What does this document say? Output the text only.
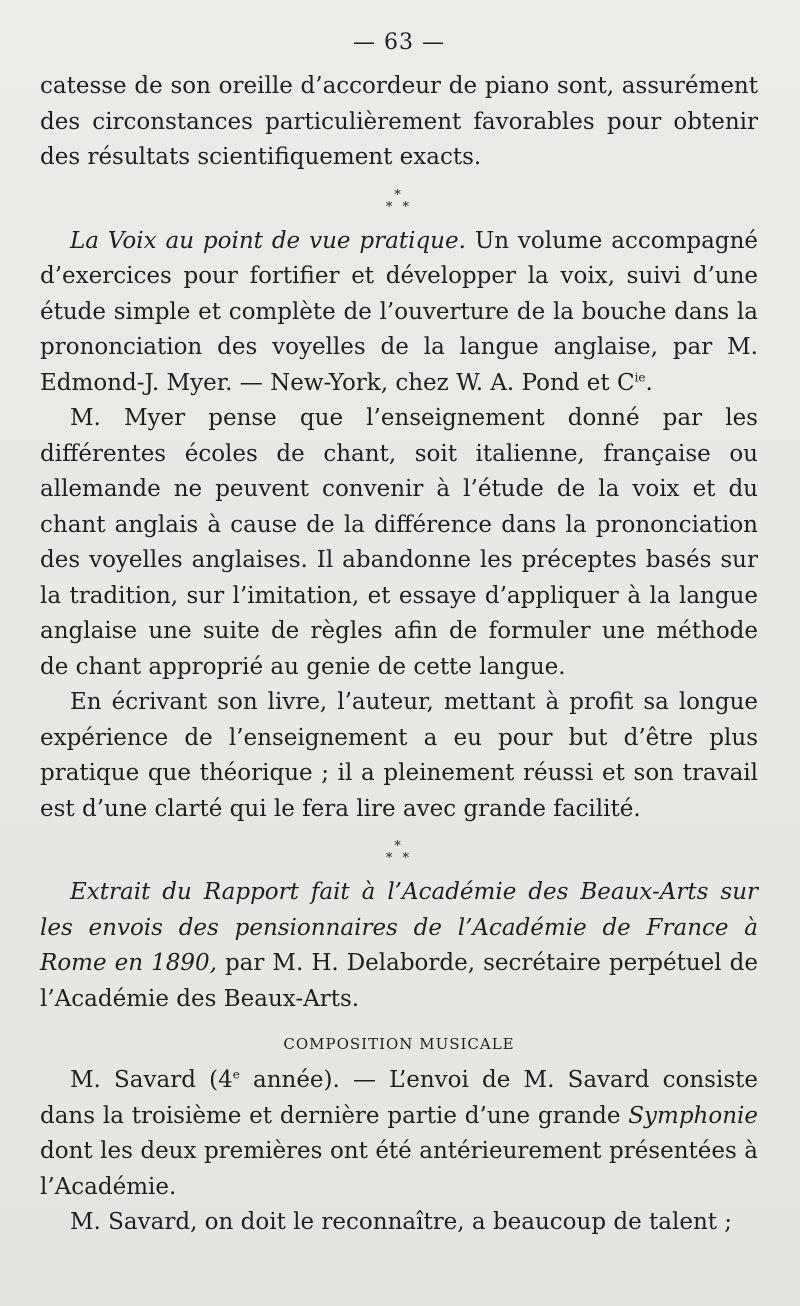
— 63 —

catesse de son oreille d’accordeur de piano sont, assurément des circonstances particulièrement favorables pour obtenir des résultats scientifiquement exacts.

*
* *

La Voix au point de vue pratique. Un volume accompagné d’exercices pour fortifier et développer la voix, suivi d’une étude simple et complète de l’ouverture de la bouche dans la prononciation des voyelles de la langue anglaise, par M. Edmond-J. Myer. — New-York, chez W. A. Pond et $C^{ie}$.

M. Myer pense que l’enseignement donné par les différentes écoles de chant, soit italienne, française ou allemande ne peuvent convenir à l’étude de la voix et du chant anglais à cause de la différence dans la prononciation des voyelles anglaises. Il abandonne les préceptes basés sur la tradition, sur l’imitation, et essaye d’appliquer à la langue anglaise une suite de règles afin de formuler une méthode de chant approprié au genie de cette langue.

En écrivant son livre, l’auteur, mettant à profit sa longue expérience de l’enseignement a eu pour but d’être plus pratique que théorique ; il a pleinement réussi et son travail est d’une clarté qui le fera lire avec grande facilité.

*
* *

Extrait du Rapport fait à l’Académie des Beaux-Arts sur les envois des pensionnaires de l’Académie de France à Rome en 1890, par M. H. Delaborde, secrétaire perpétuel de l’Académie des Beaux-Arts.

COMPOSITION MUSICALE

M. Savard (4e année). — L’envoi de M. Savard consiste dans la troisième et dernière partie d’une grande Symphonie dont les deux premières ont été antérieurement présentées à l’Académie.

M. Savard, on doit le reconnaître, a beaucoup de talent ;
